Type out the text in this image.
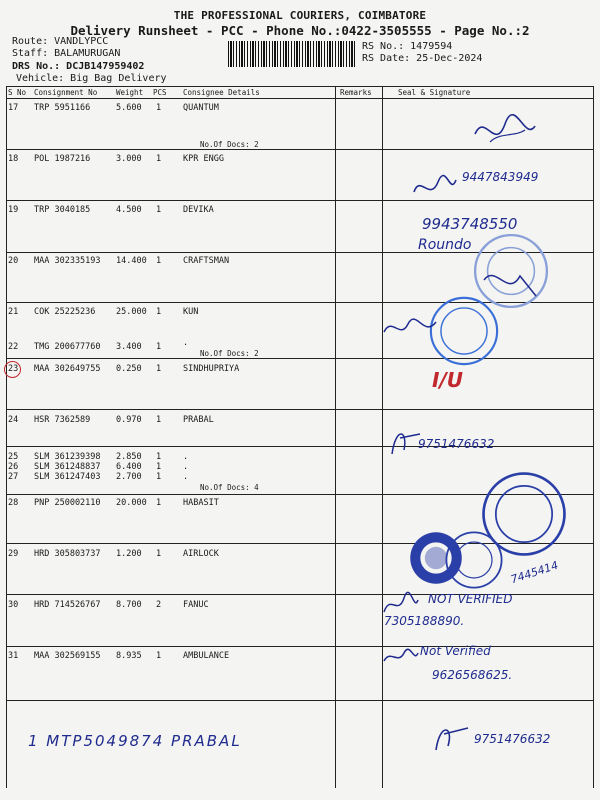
THE PROFESSIONAL COURIERS, COIMBATORE
Delivery Runsheet - PCC - Phone No.:0422-3505555 - Page No.:2
Route: VANDLYPCC
Staff: BALAMURUGAN
DRS No.: DCJB147959402
Vehicle: Big Bag Delivery
RS No.: 1479594
RS Date: 25-Dec-2024
S No Consignment No	Weight PCS Consignee Details	Remarks	Seal & Signature
17 TRP 5951166	5.600 1	QUANTUM
No.Of Docs: 2
18 POL 1987216	3.000 1	KPR ENGG
19 TRP 3040185	4.500 1	DEVIKA
20 MAA 302335193 14.400 1	CRAFTSMAN
21 COK 25225236 25.000 1	KUN
22 TMG 200677760 3.400 1	.
No.Of Docs: 2
23 MAA 302649755 0.250 1	SINDHUPRIYA
24 HSR 7362589	0.970 1	PRABAL
25 SLM 361239398 2.850 1	.
26 SLM 361248837 6.400 1	.
27 SLM 361247403 2.700 1	.
No.Of Docs: 4
28 PNP 250002110 20.000 1	HABASIT
29 HRD 305803737 1.200 1	AIRLOCK
30 HRD 714526767 8.700 2	FANUC
31 MAA 302569155 8.935 1	AMBULANCE
9447843949
9943748550
Roundo
I/U
9751476632
7445414
NOT VERIFIED
7305188890.
Not Verified
9626568625.
1 MTP5049874 PRABAL	9751476632
